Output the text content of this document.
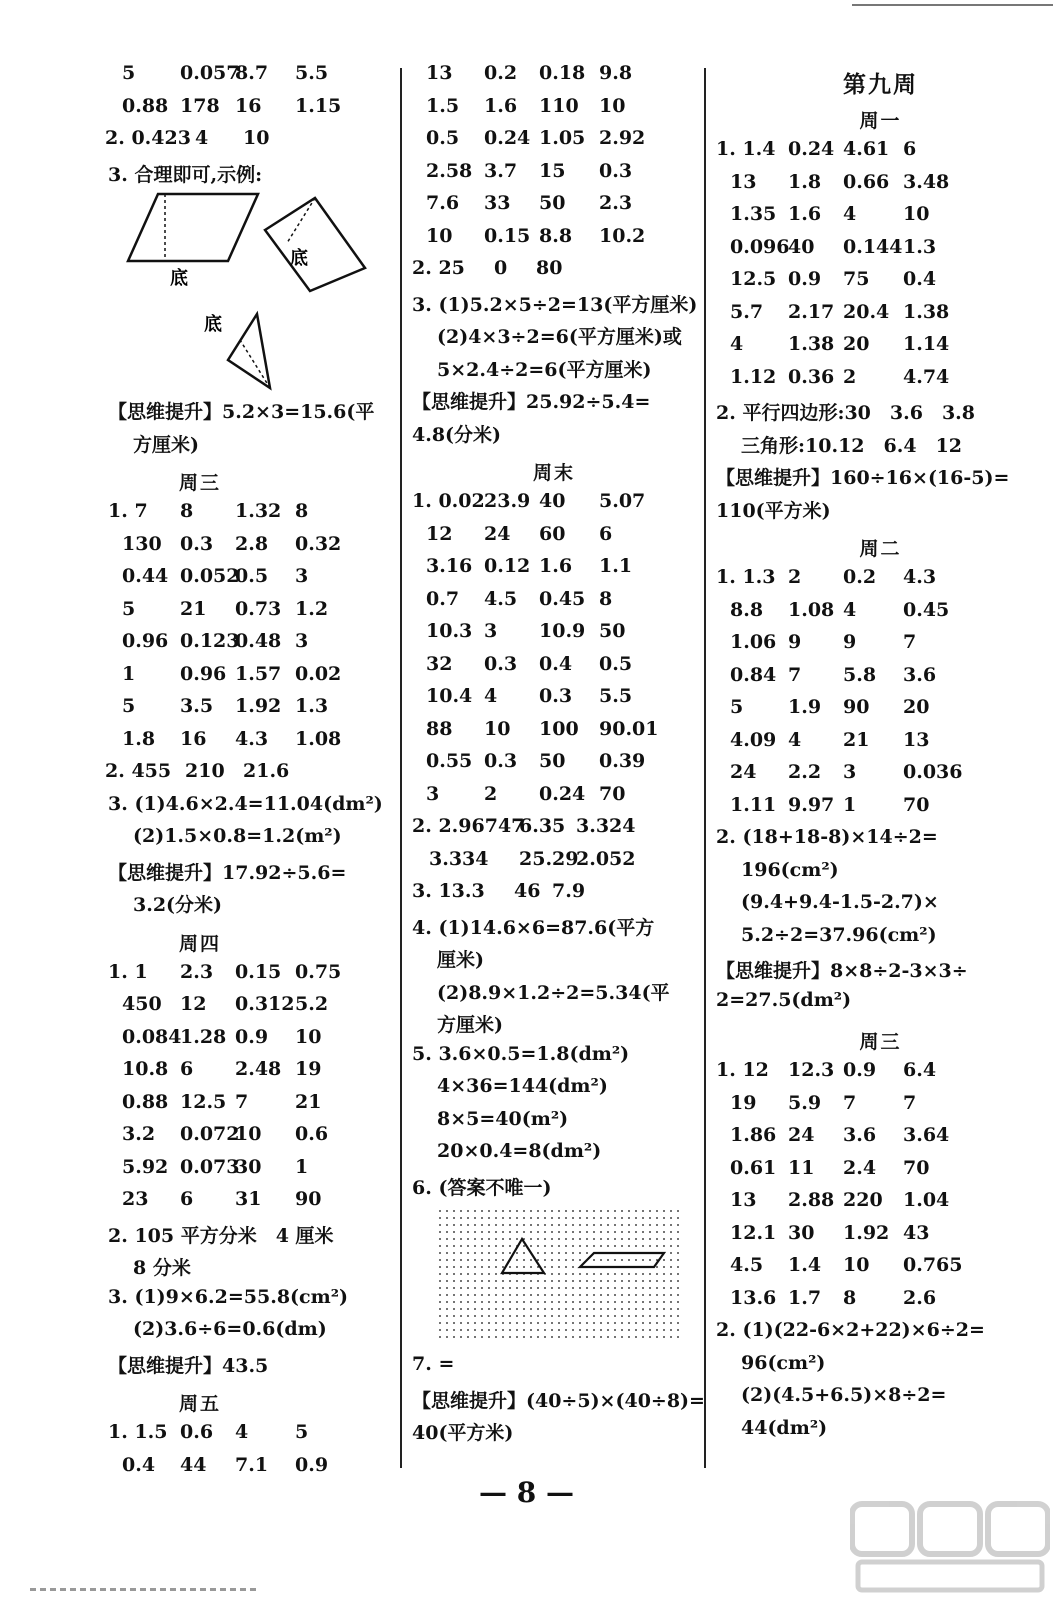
5 0.057
8.7 5.5
0.88 178 16 1.15
2. 0.423 4 10
3. 合理即可,示例:
底
底
底
【思维提升】5.2×3=15.6(平
方厘米)
周三
1. 7 8 1.32 8
130 0.3 2.8 0.32
0.44 0.052
0.5 3
5 21 0.73 1.2
0.96 0.123
0.48 3
1 0.96 1.57 0.02
5 3.5 1.92 1.3
1.8 16 4.3 1.08
2. 455 210 21.6
3. (1)4.6×2.4=11.04(dm²)
(2)1.5×0.8=1.2(m²)
【思维提升】17.92÷5.6=
3.2(分米)
周四
1. 1 2.3 0.15 0.75
450 12 0.312 5.2
0.084
1.28 0.9 10
10.8 6 2.48 19
0.88 12.5 7 21
3.2 0.072
10 0.6
5.92 0.073
30 1
23 6 31 90
2. 105 平方分米　4 厘米
8 分米
3. (1)9×6.2=55.8(cm²)
(2)3.6÷6=0.6(dm)
【思维提升】43.5
周五
1. 1.5 0.6 4 5
0.4 44 7.1 0.9
13 0.2 0.18 9.8
1.5 1.6 110 10
0.5 0.24 1.05 2.92
2.58 3.7 15 0.3
7.6 33 50 2.3
10 0.15 8.8 10.2
2. 25 0 80
3. (1)5.2×5÷2=13(平方厘米)
(2)4×3÷2=6(平方厘米)或
5×2.4÷2=6(平方厘米)
【思维提升】25.92÷5.4=
4.8(分米)
周末
1. 0.02 23.9 40 5.07
12 24 60 6
3.16 0.12 1.6 1.1
0.7 4.5 0.45 8
10.3 3 10.9 50
32 0.3 0.4 0.5
10.4 4 0.3 5.5
88 10 100 90.01
0.55 0.3 50 0.39
3 2 0.24 70
2. 2.96747
6.35 3.324
3.334 25.29
2.052
3. 13.3 46 7.9
4. (1)14.6×6=87.6(平方
厘米)
(2)8.9×1.2÷2=5.34(平
方厘米)
5. 3.6×0.5=1.8(dm²)
4×36=144(dm²)
8×5=40(m²)
20×0.4=8(dm²)
6. (答案不唯一)
7. =
【思维提升】(40÷5)×(40÷8)=
40(平方米)
第九周
周一
1. 1.4 0.24 4.61 6
13 1.8 0.66 3.48
1.35 1.6 4 10
0.096
40 0.144 1.3
12.5 0.9 75 0.4
5.7 2.17 20.4 1.38
4 1.38 20 1.14
1.12 0.36 2 4.74
2. 平行四边形:30　3.6　3.8
三角形:10.12　6.4　12
【思维提升】160÷16×(16-5)=
110(平方米)
周二
1. 1.3 2 0.2 4.3
8.8 1.08 4 0.45
1.06 9 9 7
0.84 7 5.8 3.6
5 1.9 90 20
4.09 4 21 13
24 2.2 3 0.036
1.11 9.97 1 70
2. (18+18-8)×14÷2=
196(cm²)
(9.4+9.4-1.5-2.7)×
5.2÷2=37.96(cm²)
【思维提升】8×8÷2-3×3÷
2=27.5(dm²)
周三
1. 12 12.3 0.9 6.4
19 5.9 7 7
1.86 24 3.6 3.64
0.61 11 2.4 70
13 2.88 220 1.04
12.1 30 1.92 43
4.5 1.4 10 0.765
13.6 1.7 8 2.6
2. (1)(22-6×2+22)×6÷2=
96(cm²)
(2)(4.5+6.5)×8÷2=
44(dm²)
— 8 —
